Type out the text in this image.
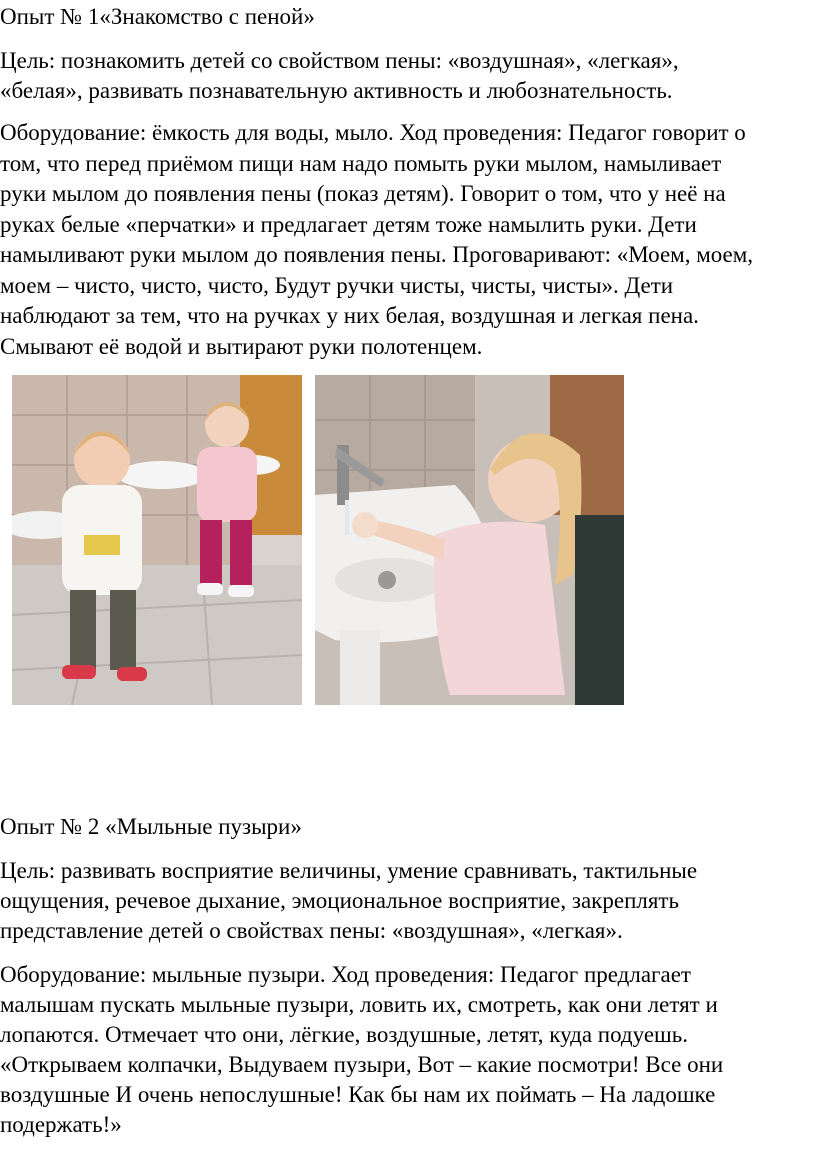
Опыт № 1«Знакомство с пеной»

Цель: познакомить детей со свойством пены: «воздушная», «легкая»,

«белая», развивать познавательную активность и любознательность.

Оборудование: ёмкость для воды, мыло. Ход проведения: Педагог говорит о

том, что перед приёмом пищи нам надо помыть руки мылом, намыливает

руки мылом до появления пены (показ детям). Говорит о том, что у неё на

руках белые «перчатки» и предлагает детям тоже намылить руки. Дети

намыливают руки мылом до появления пены. Проговаривают: «Моем, моем,

моем – чисто, чисто, чисто, Будут ручки чисты, чисты, чисты». Дети

наблюдают за тем, что на ручках у них белая, воздушная и легкая пена.

Смывают её водой и вытирают руки полотенцем.

Опыт № 2 «Мыльные пузыри»

Цель: развивать восприятие величины, умение сравнивать, тактильные

ощущения, речевое дыхание, эмоциональное восприятие, закреплять

представление детей о свойствах пены: «воздушная», «легкая».

Оборудование: мыльные пузыри. Ход проведения: Педагог предлагает

малышам пускать мыльные пузыри, ловить их, смотреть, как они летят и

лопаются. Отмечает что они, лёгкие, воздушные, летят, куда подуешь.

«Открываем колпачки, Выдуваем пузыри, Вот – какие посмотри! Все они

воздушные И очень непослушные! Как бы нам их поймать – На ладошке

подержать!»
